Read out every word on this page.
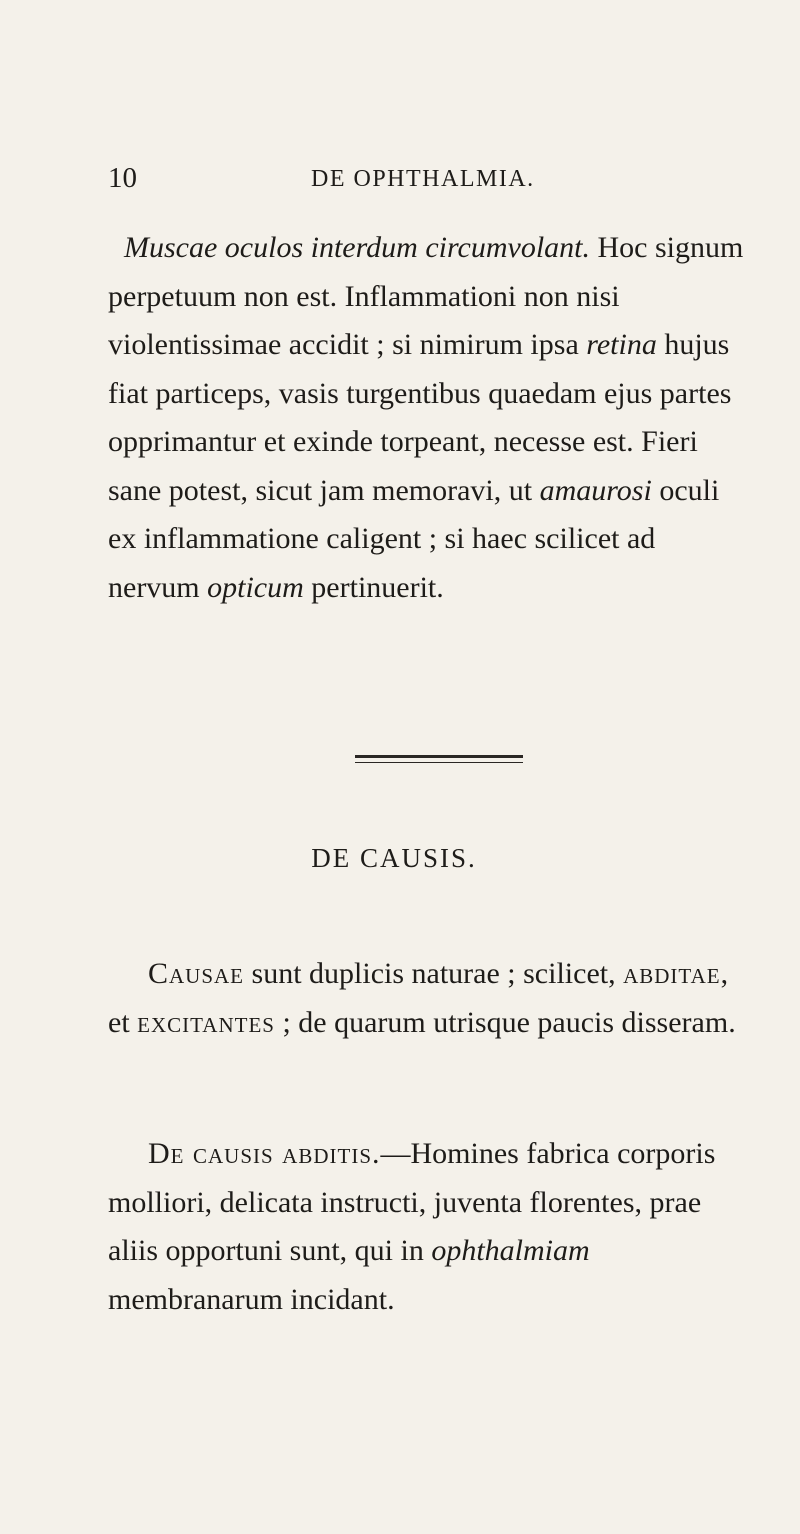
10	DE OPHTHALMIA.

Muscae oculos interdum circumvolant. Hoc signum perpetuum non est. Inflammationi non nisi violentissimae accidit ; si nimirum ipsa retina hujus fiat particeps, vasis turgentibus quaedam ejus partes opprimantur et exinde torpeant, necesse est. Fieri sane potest, sicut jam memoravi, ut amaurosi oculi ex inflammatione caligent ; si haec scilicet ad nervum opticum pertinuerit.

DE CAUSIS.

Causae sunt duplicis naturae ; scilicet, abditae, et excitantes ; de quarum utrisque paucis disseram.

De causis abditis.—Homines fabrica corporis molliori, delicata instructi, juventa florentes, prae aliis opportuni sunt, qui in ophthalmiam membranarum incidant.
